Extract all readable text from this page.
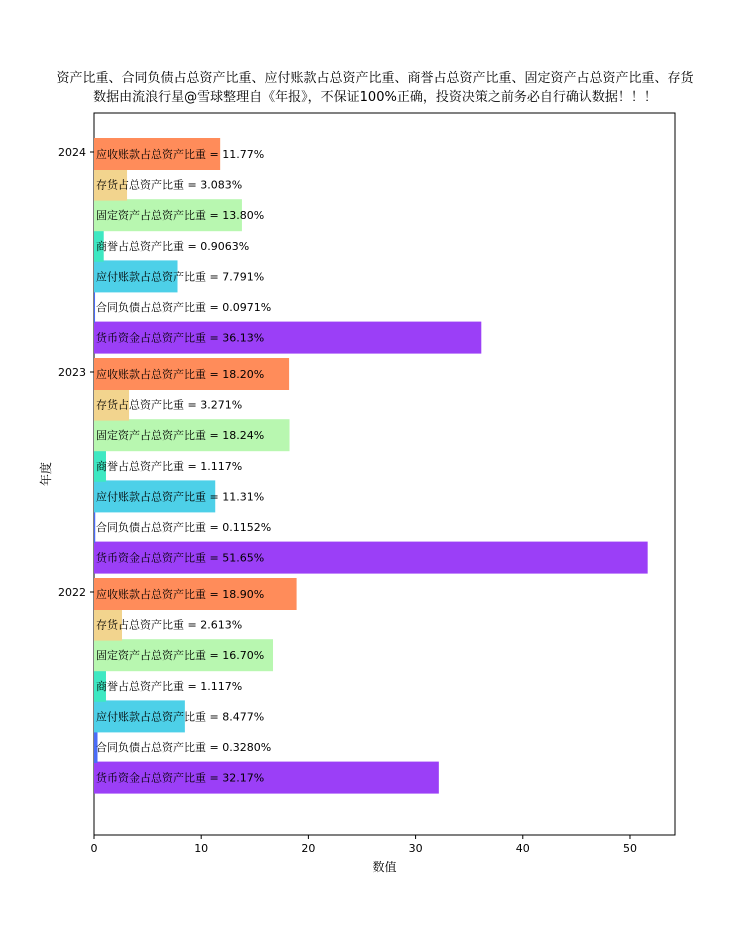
资产比重、合同负债占总资产比重、应付账款占总资产比重、商誉占总资产比重、固定资产占总资产比重、存货
数据由流浪行星@雪球整理自《年报》，不保证100%正确，投资决策之前务必自行确认数据！！！
货币资金占总资产比重 = 32.17%
合同负债占总资产比重 = 0.3280%
应付账款占总资产比重 = 8.477%
商誉占总资产比重 = 1.117%
固定资产占总资产比重 = 16.70%
存货占总资产比重 = 2.613%
应收账款占总资产比重 = 18.90%
2022
货币资金占总资产比重 = 51.65%
合同负债占总资产比重 = 0.1152%
应付账款占总资产比重 = 11.31%
商誉占总资产比重 = 1.117%
固定资产占总资产比重 = 18.24%
存货占总资产比重 = 3.271%
应收账款占总资产比重 = 18.20%
2023
货币资金占总资产比重 = 36.13%
合同负债占总资产比重 = 0.0971%
应付账款占总资产比重 = 7.791%
商誉占总资产比重 = 0.9063%
固定资产占总资产比重 = 13.80%
存货占总资产比重 = 3.083%
应收账款占总资产比重 = 11.77%
2024
0	10	20	30	40	50
数值
年度
